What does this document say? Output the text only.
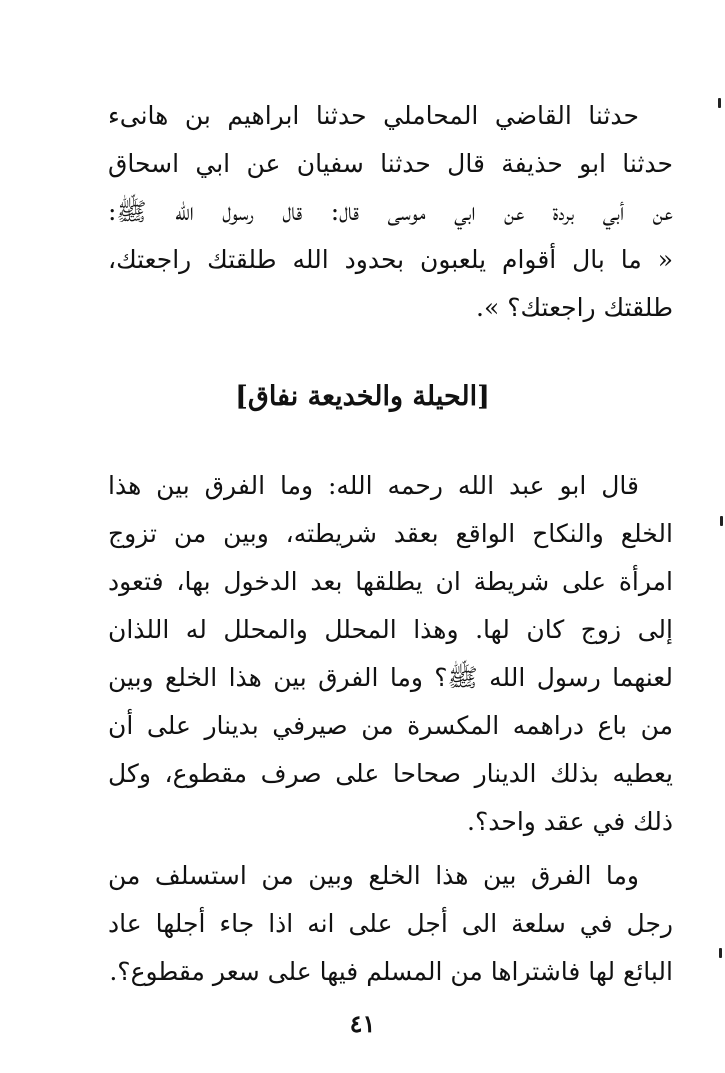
حدثنا القاضي المحاملي حدثنا ابراهيم بن هانىء
حدثنا ابو حذيفة قال حدثنا سفيان عن ابي اسحاق
عن أبي بردة عن ابي موسى قال: قال رسول الله ﷺ:
« ما بال أقوام يلعبون بحدود الله طلقتك راجعتك،
طلقتك راجعتك؟ ».
[الحيلة والخديعة نفاق]
قال ابو عبد الله رحمه الله: وما الفرق بين هذا
الخلع والنكاح الواقع بعقد شريطته، وبين من تزوج
امرأة على شريطة ان يطلقها بعد الدخول بها، فتعود
إلى زوج كان لها. وهذا المحلل والمحلل له اللذان
لعنهما رسول الله ﷺ؟ وما الفرق بين هذا الخلع وبين
من باع دراهمه المكسرة من صيرفي بدينار على أن
يعطيه بذلك الدينار صحاحا على صرف مقطوع، وكل
ذلك في عقد واحد؟.
وما الفرق بين هذا الخلع وبين من استسلف من
رجل في سلعة الى أجل على انه اذا جاء أجلها عاد
البائع لها فاشتراها من المسلم فيها على سعر مقطوع؟.
٤١
